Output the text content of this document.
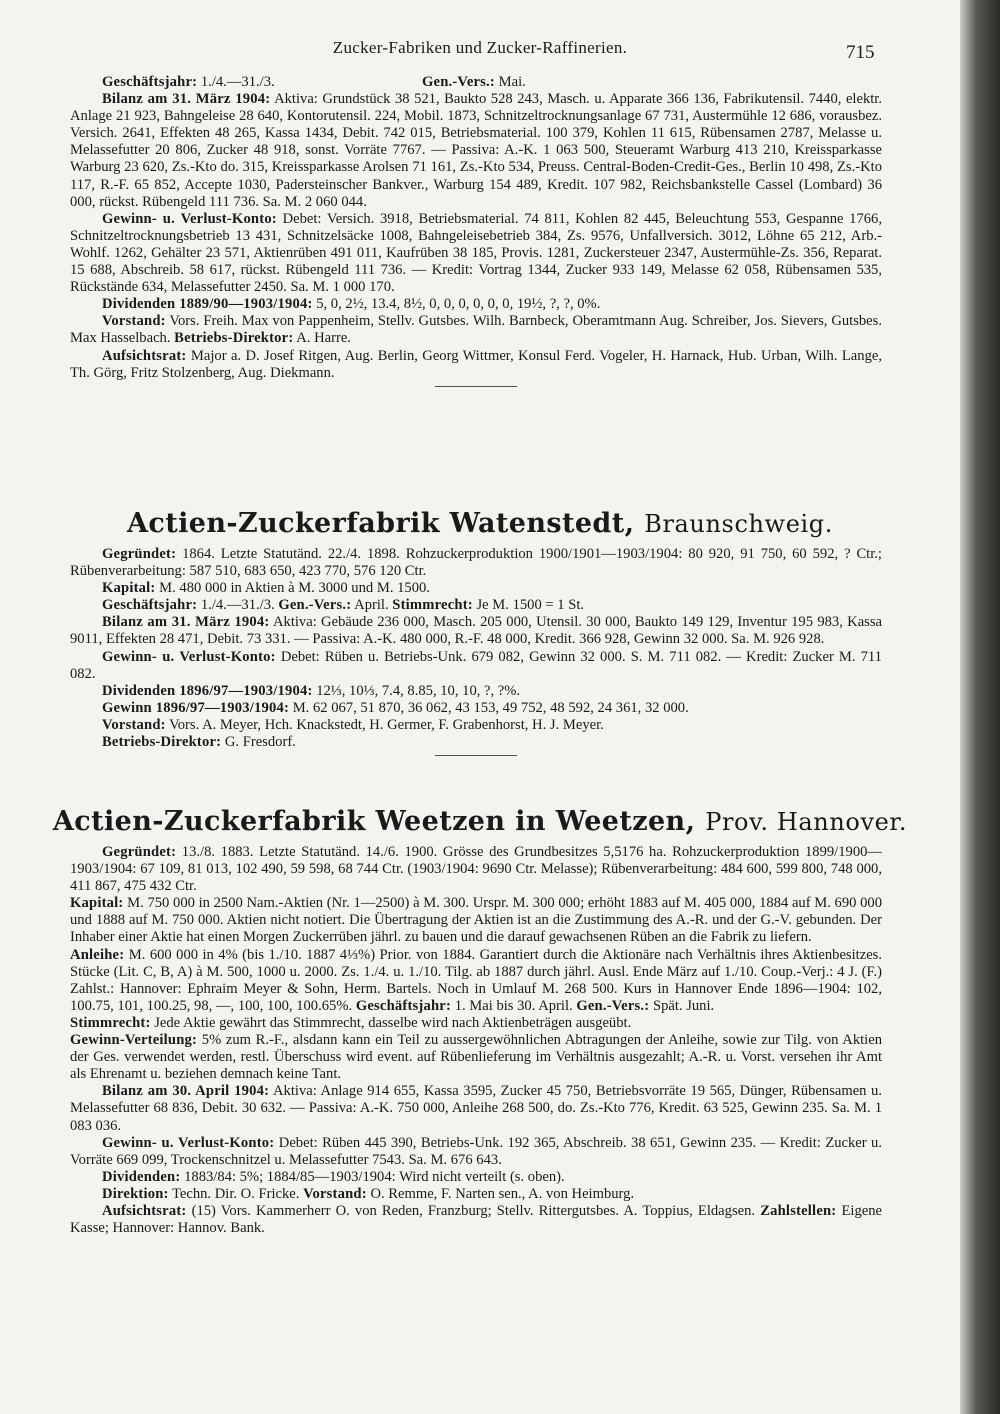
Zucker-Fabriken und Zucker-Raffinerien.	715

Geschäftsjahr: 1./4.—31./3.	Gen.-Vers.: Mai.

Bilanz am 31. März 1904: Aktiva: Grundstück 38 521, Baukto 528 243, Masch. u. Apparate 366 136, Fabrikutensil. 7440, elektr. Anlage 21 923, Bahngeleise 28 640, Kontorutensil. 224, Mobil. 1873, Schnitzeltrocknungsanlage 67 731, Austermühle 12 686, vorausbez. Versich. 2641, Effekten 48 265, Kassa 1434, Debit. 742 015, Betriebsmaterial. 100 379, Kohlen 11 615, Rübensamen 2787, Melasse u. Melassefutter 20 806, Zucker 48 918, sonst. Vorräte 7767. — Passiva: A.-K. 1 063 500, Steueramt Warburg 413 210, Kreissparkasse Warburg 23 620, Zs.-Kto do. 315, Kreissparkasse Arolsen 71 161, Zs.-Kto 534, Preuss. Central-Boden-Credit-Ges., Berlin 10 498, Zs.-Kto 117, R.-F. 65 852, Accepte 1030, Padersteinscher Bankver., Warburg 154 489, Kredit. 107 982, Reichsbankstelle Cassel (Lombard) 36 000, rückst. Rübengeld 111 736. Sa. M. 2 060 044.

Gewinn- u. Verlust-Konto: Debet: Versich. 3918, Betriebsmaterial. 74 811, Kohlen 82 445, Beleuchtung 553, Gespanne 1766, Schnitzeltrocknungsbetrieb 13 431, Schnitzelsäcke 1008, Bahngeleisebetrieb 384, Zs. 9576, Unfallversich. 3012, Löhne 65 212, Arb.-Wohlf. 1262, Gehälter 23 571, Aktienrüben 491 011, Kaufrüben 38 185, Provis. 1281, Zuckersteuer 2347, Austermühle-Zs. 356, Reparat. 15 688, Abschreib. 58 617, rückst. Rübengeld 111 736. — Kredit: Vortrag 1344, Zucker 933 149, Melasse 62 058, Rübensamen 535, Rückstände 634, Melassefutter 2450. Sa. M. 1 000 170.

Dividenden 1889/90—1903/1904: 5, 0, 2½, 13.4, 8½, 0, 0, 0, 0, 0, 0, 19½, ?, ?, 0%.

Vorstand: Vors. Freih. Max von Pappenheim, Stellv. Gutsbes. Wilh. Barnbeck, Oberamtmann Aug. Schreiber, Jos. Sievers, Gutsbes. Max Hasselbach. Betriebs-Direktor: A. Harre.

Aufsichtsrat: Major a. D. Josef Ritgen, Aug. Berlin, Georg Wittmer, Konsul Ferd. Vogeler, H. Harnack, Hub. Urban, Wilh. Lange, Th. Görg, Fritz Stolzenberg, Aug. Diekmann.

Actien-Zuckerfabrik Watenstedt, Braunschweig.

Gegründet: 1864. Letzte Statutänd. 22./4. 1898. Rohzuckerproduktion 1900/1901—1903/1904: 80 920, 91 750, 60 592, ? Ctr.; Rübenverarbeitung: 587 510, 683 650, 423 770, 576 120 Ctr.

Kapital: M. 480 000 in Aktien à M. 3000 und M. 1500.

Geschäftsjahr: 1./4.—31./3. Gen.-Vers.: April. Stimmrecht: Je M. 1500 = 1 St.

Bilanz am 31. März 1904: Aktiva: Gebäude 236 000, Masch. 205 000, Utensil. 30 000, Baukto 149 129, Inventur 195 983, Kassa 9011, Effekten 28 471, Debit. 73 331. — Passiva: A.-K. 480 000, R.-F. 48 000, Kredit. 366 928, Gewinn 32 000. Sa. M. 926 928.

Gewinn- u. Verlust-Konto: Debet: Rüben u. Betriebs-Unk. 679 082, Gewinn 32 000. S. M. 711 082. — Kredit: Zucker M. 711 082.

Dividenden 1896/97—1903/1904: 12⅓, 10⅓, 7.4, 8.85, 10, 10, ?, ?%.

Gewinn 1896/97—1903/1904: M. 62 067, 51 870, 36 062, 43 153, 49 752, 48 592, 24 361, 32 000.

Vorstand: Vors. A. Meyer, Hch. Knackstedt, H. Germer, F. Grabenhorst, H. J. Meyer.

Betriebs-Direktor: G. Fresdorf.

Actien-Zuckerfabrik Weetzen in Weetzen, Prov. Hannover.

Gegründet: 13./8. 1883. Letzte Statutänd. 14./6. 1900. Grösse des Grundbesitzes 5,5176 ha. Rohzuckerproduktion 1899/1900—1903/1904: 67 109, 81 013, 102 490, 59 598, 68 744 Ctr. (1903/1904: 9690 Ctr. Melasse); Rübenverarbeitung: 484 600, 599 800, 748 000, 411 867, 475 432 Ctr.

Kapital: M. 750 000 in 2500 Nam.-Aktien (Nr. 1—2500) à M. 300. Urspr. M. 300 000; erhöht 1883 auf M. 405 000, 1884 auf M. 690 000 und 1888 auf M. 750 000. Aktien nicht notiert. Die Übertragung der Aktien ist an die Zustimmung des A.-R. und der G.-V. gebunden. Der Inhaber einer Aktie hat einen Morgen Zuckerrüben jährl. zu bauen und die darauf gewachsenen Rüben an die Fabrik zu liefern.

Anleihe: M. 600 000 in 4% (bis 1./10. 1887 4⅓%) Prior. von 1884. Garantiert durch die Aktionäre nach Verhältnis ihres Aktienbesitzes. Stücke (Lit. C, B, A) à M. 500, 1000 u. 2000. Zs. 1./4. u. 1./10. Tilg. ab 1887 durch jährl. Ausl. Ende März auf 1./10. Coup.-Verj.: 4 J. (F.) Zahlst.: Hannover: Ephraim Meyer & Sohn, Herm. Bartels. Noch in Umlauf M. 268 500. Kurs in Hannover Ende 1896—1904: 102, 100.75, 101, 100.25, 98, —, 100, 100, 100.65%. Geschäftsjahr: 1. Mai bis 30. April. Gen.-Vers.: Spät. Juni.

Stimmrecht: Jede Aktie gewährt das Stimmrecht, dasselbe wird nach Aktienbeträgen ausgeübt.

Gewinn-Verteilung: 5% zum R.-F., alsdann kann ein Teil zu aussergewöhnlichen Abtragungen der Anleihe, sowie zur Tilg. von Aktien der Ges. verwendet werden, restl. Überschuss wird event. auf Rübenlieferung im Verhältnis ausgezahlt; A.-R. u. Vorst. versehen ihr Amt als Ehrenamt u. beziehen demnach keine Tant.

Bilanz am 30. April 1904: Aktiva: Anlage 914 655, Kassa 3595, Zucker 45 750, Betriebsvorräte 19 565, Dünger, Rübensamen u. Melassefutter 68 836, Debit. 30 632. — Passiva: A.-K. 750 000, Anleihe 268 500, do. Zs.-Kto 776, Kredit. 63 525, Gewinn 235. Sa. M. 1 083 036.

Gewinn- u. Verlust-Konto: Debet: Rüben 445 390, Betriebs-Unk. 192 365, Abschreib. 38 651, Gewinn 235. — Kredit: Zucker u. Vorräte 669 099, Trockenschnitzel u. Melassefutter 7543. Sa. M. 676 643.

Dividenden: 1883/84: 5%; 1884/85—1903/1904: Wird nicht verteilt (s. oben).

Direktion: Techn. Dir. O. Fricke. Vorstand: O. Remme, F. Narten sen., A. von Heimburg.

Aufsichtsrat: (15) Vors. Kammerherr O. von Reden, Franzburg; Stellv. Rittergutsbes. A. Toppius, Eldagsen. Zahlstellen: Eigene Kasse; Hannover: Hannov. Bank.
